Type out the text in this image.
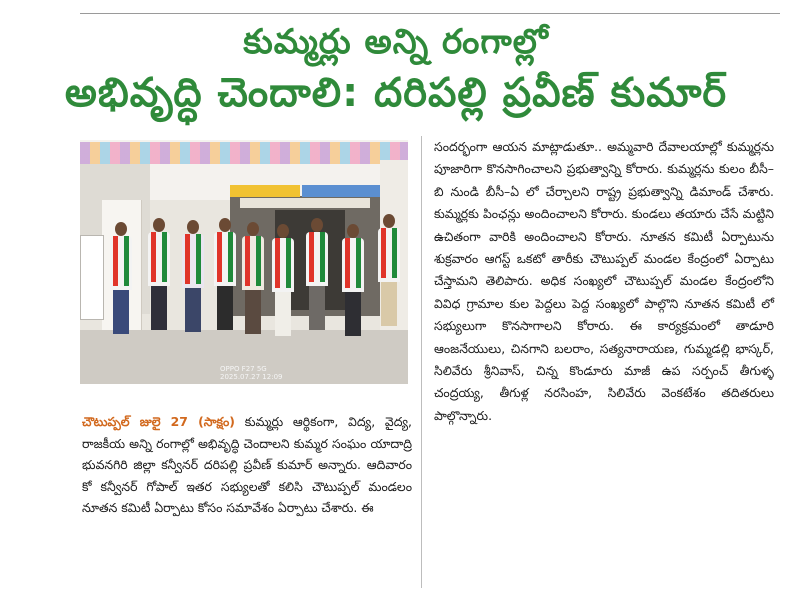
కుమ్మర్లు అన్ని రంగాల్లో
అభివృద్ధి చెందాలి: దరిపల్లి ప్రవీణ్ కుమార్
OPPO F27 5G
2025.07.27 12:09

చౌటుప్పల్ జులై 27 (సాక్షం) కుమ్మర్లు ఆర్థికంగా, విద్య, వైద్య, రాజకీయ అన్ని రంగాల్లో అభివృద్ధి చెందాలని కుమ్మర సంఘం యాదాద్రి భువనగిరి జిల్లా కన్వీనర్ దరిపల్లి ప్రవీణ్ కుమార్ అన్నారు. ఆదివారం కో కన్వీనర్ గోపాల్ ఇతర సభ్యులతో కలిసి చౌటుప్పల్ మండలం నూతన కమిటీ ఏర్పాటు కోసం సమావేశం ఏర్పాటు చేశారు. ఈ

సందర్భంగా ఆయన మాట్లాడుతూ.. అమ్మవారి దేవాలయాల్లో కుమ్మర్లను పూజారిగా కొనసాగించాలని ప్రభుత్వాన్ని కోరారు. కుమ్మర్లను కులం బీసీ–బి నుండి బీసీ–ఏ లో చేర్చాలని రాష్ట్ర ప్రభుత్వాన్ని డిమాండ్ చేశారు. కుమ్మర్లకు పింఛన్లు అందించాలని కోరారు. కుండలు తయారు చేసే మట్టిని ఉచితంగా వారికి అందించాలని కోరారు. నూతన కమిటీ ఏర్పాటును శుక్రవారం ఆగస్ట్ ఒకటో తారీకు చౌటుప్పల్ మండల కేంద్రంలో ఏర్పాటు చేస్తామని తెలిపారు. అధిక సంఖ్యలో చౌటుప్పల్ మండల కేంద్రంలోని వివిధ గ్రామాల కుల పెద్దలు పెద్ద సంఖ్యలో పాల్గొని నూతన కమిటీ లో సభ్యులుగా కొనసాగాలని కోరారు. ఈ కార్యక్రమంలో తాడూరి ఆంజనేయులు, చినగాని బలరాం, సత్యనారాయణ, గుమ్మడల్లి భాస్కర్, సిలివేరు శ్రీనివాస్, చిన్న కొండూరు మాజీ ఉప సర్పంచ్ తీగుళ్ళ చంద్రయ్య, తీగుళ్ల నరసింహ, సిలివేరు వెంకటేశం తదితరులు పాల్గొన్నారు.
